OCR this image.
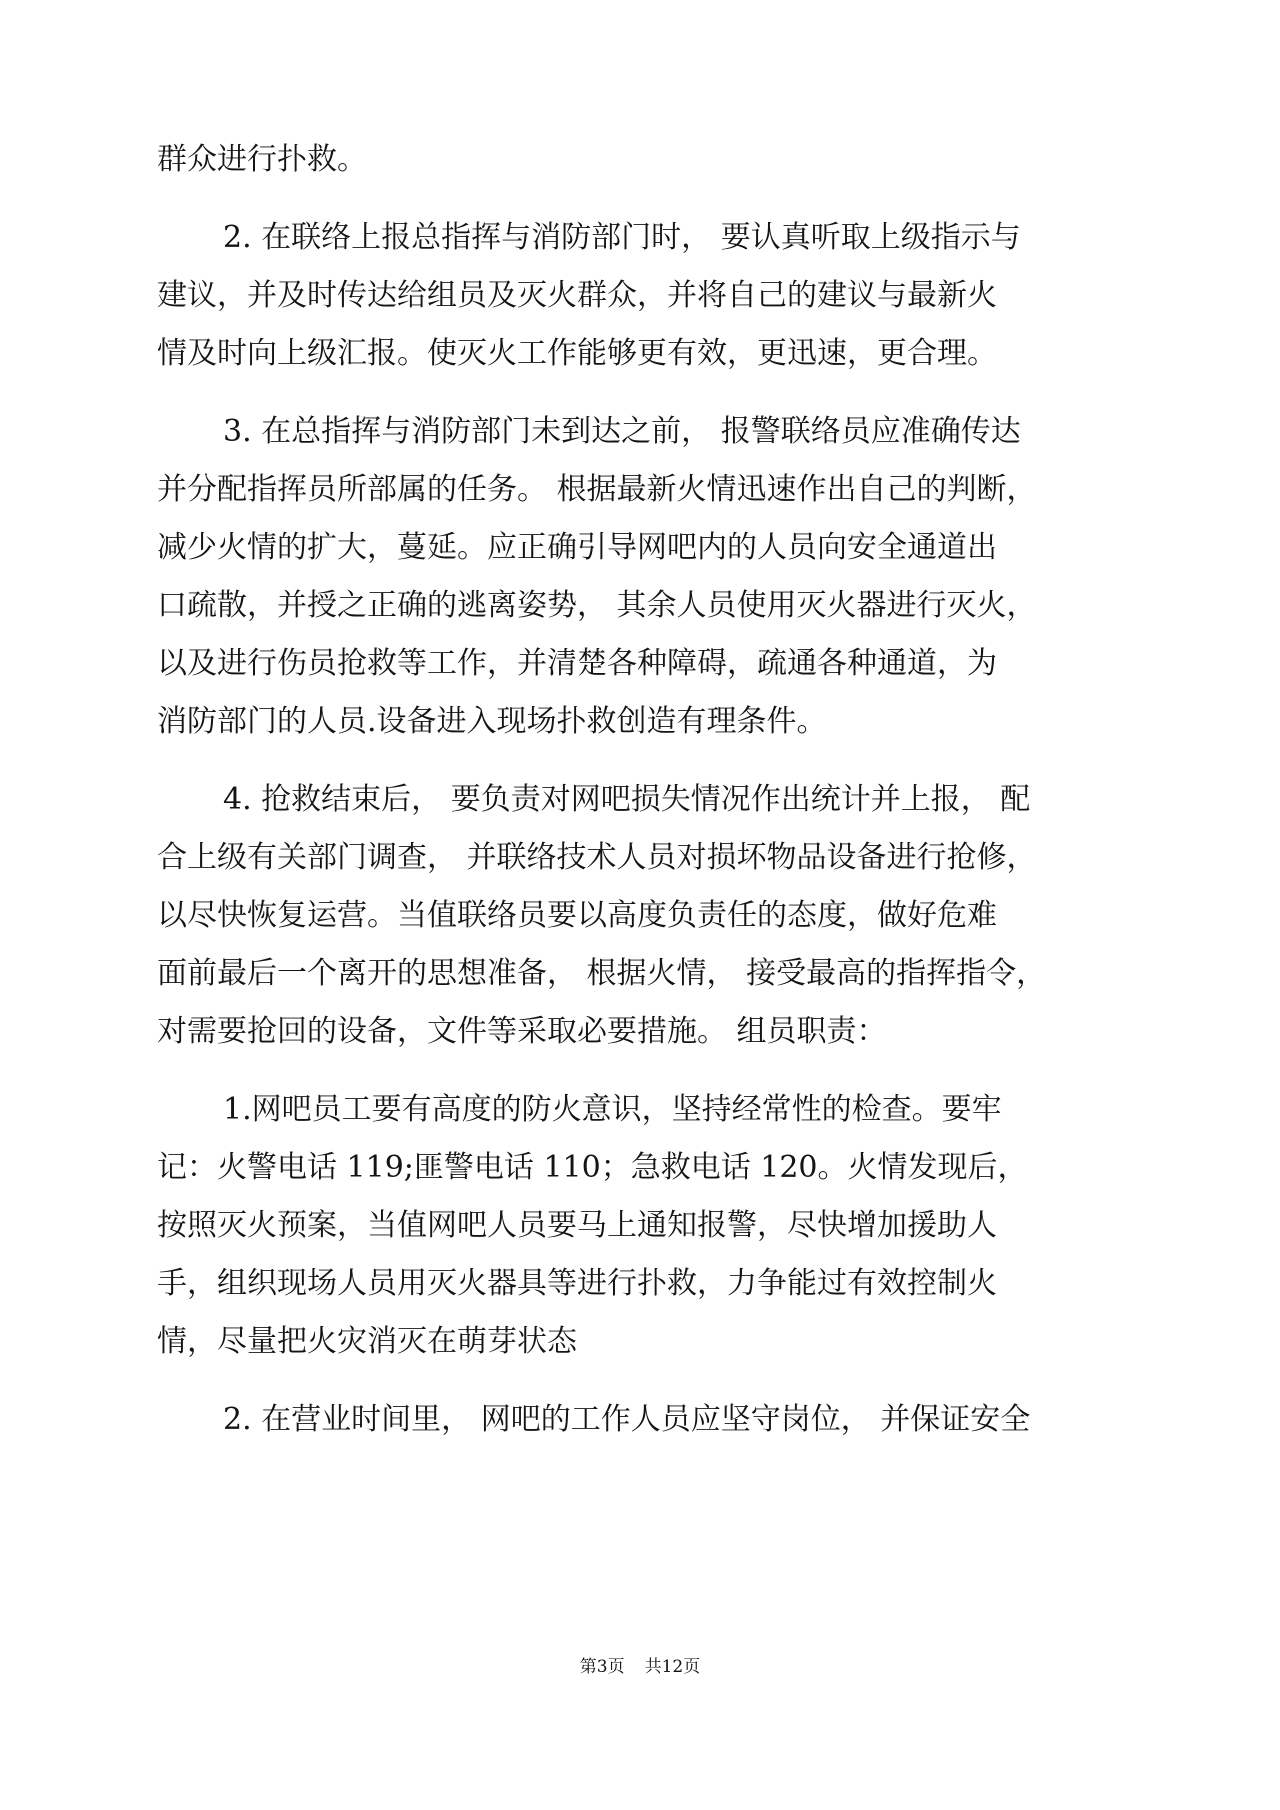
群众进行扑救。
2. 在联络上报总指挥与消防部门时， 要认真听取上级指示与
建议，并及时传达给组员及灭火群众，并将自己的建议与最新火
情及时向上级汇报。使灭火工作能够更有效，更迅速，更合理。
3. 在总指挥与消防部门未到达之前， 报警联络员应准确传达
并分配指挥员所部属的任务。 根据最新火情迅速作出自己的判断，
减少火情的扩大，蔓延。应正确引导网吧内的人员向安全通道出
口疏散，并授之正确的逃离姿势， 其余人员使用灭火器进行灭火，
以及进行伤员抢救等工作，并清楚各种障碍，疏通各种通道，为
消防部门的人员.设备进入现场扑救创造有理条件。
4. 抢救结束后， 要负责对网吧损失情况作出统计并上报， 配
合上级有关部门调查， 并联络技术人员对损坏物品设备进行抢修，
以尽快恢复运营。当值联络员要以高度负责任的态度，做好危难
面前最后一个离开的思想准备， 根据火情， 接受最高的指挥指令，
对需要抢回的设备，文件等采取必要措施。 组员职责：
1.网吧员工要有高度的防火意识，坚持经常性的检查。要牢
记：火警电话 119;匪警电话 110；急救电话 120。火情发现后，
按照灭火预案，当值网吧人员要马上通知报警，尽快增加援助人
手，组织现场人员用灭火器具等进行扑救，力争能过有效控制火
情，尽量把火灾消灭在萌芽状态
2. 在营业时间里， 网吧的工作人员应坚守岗位， 并保证安全
第3页 共12页
